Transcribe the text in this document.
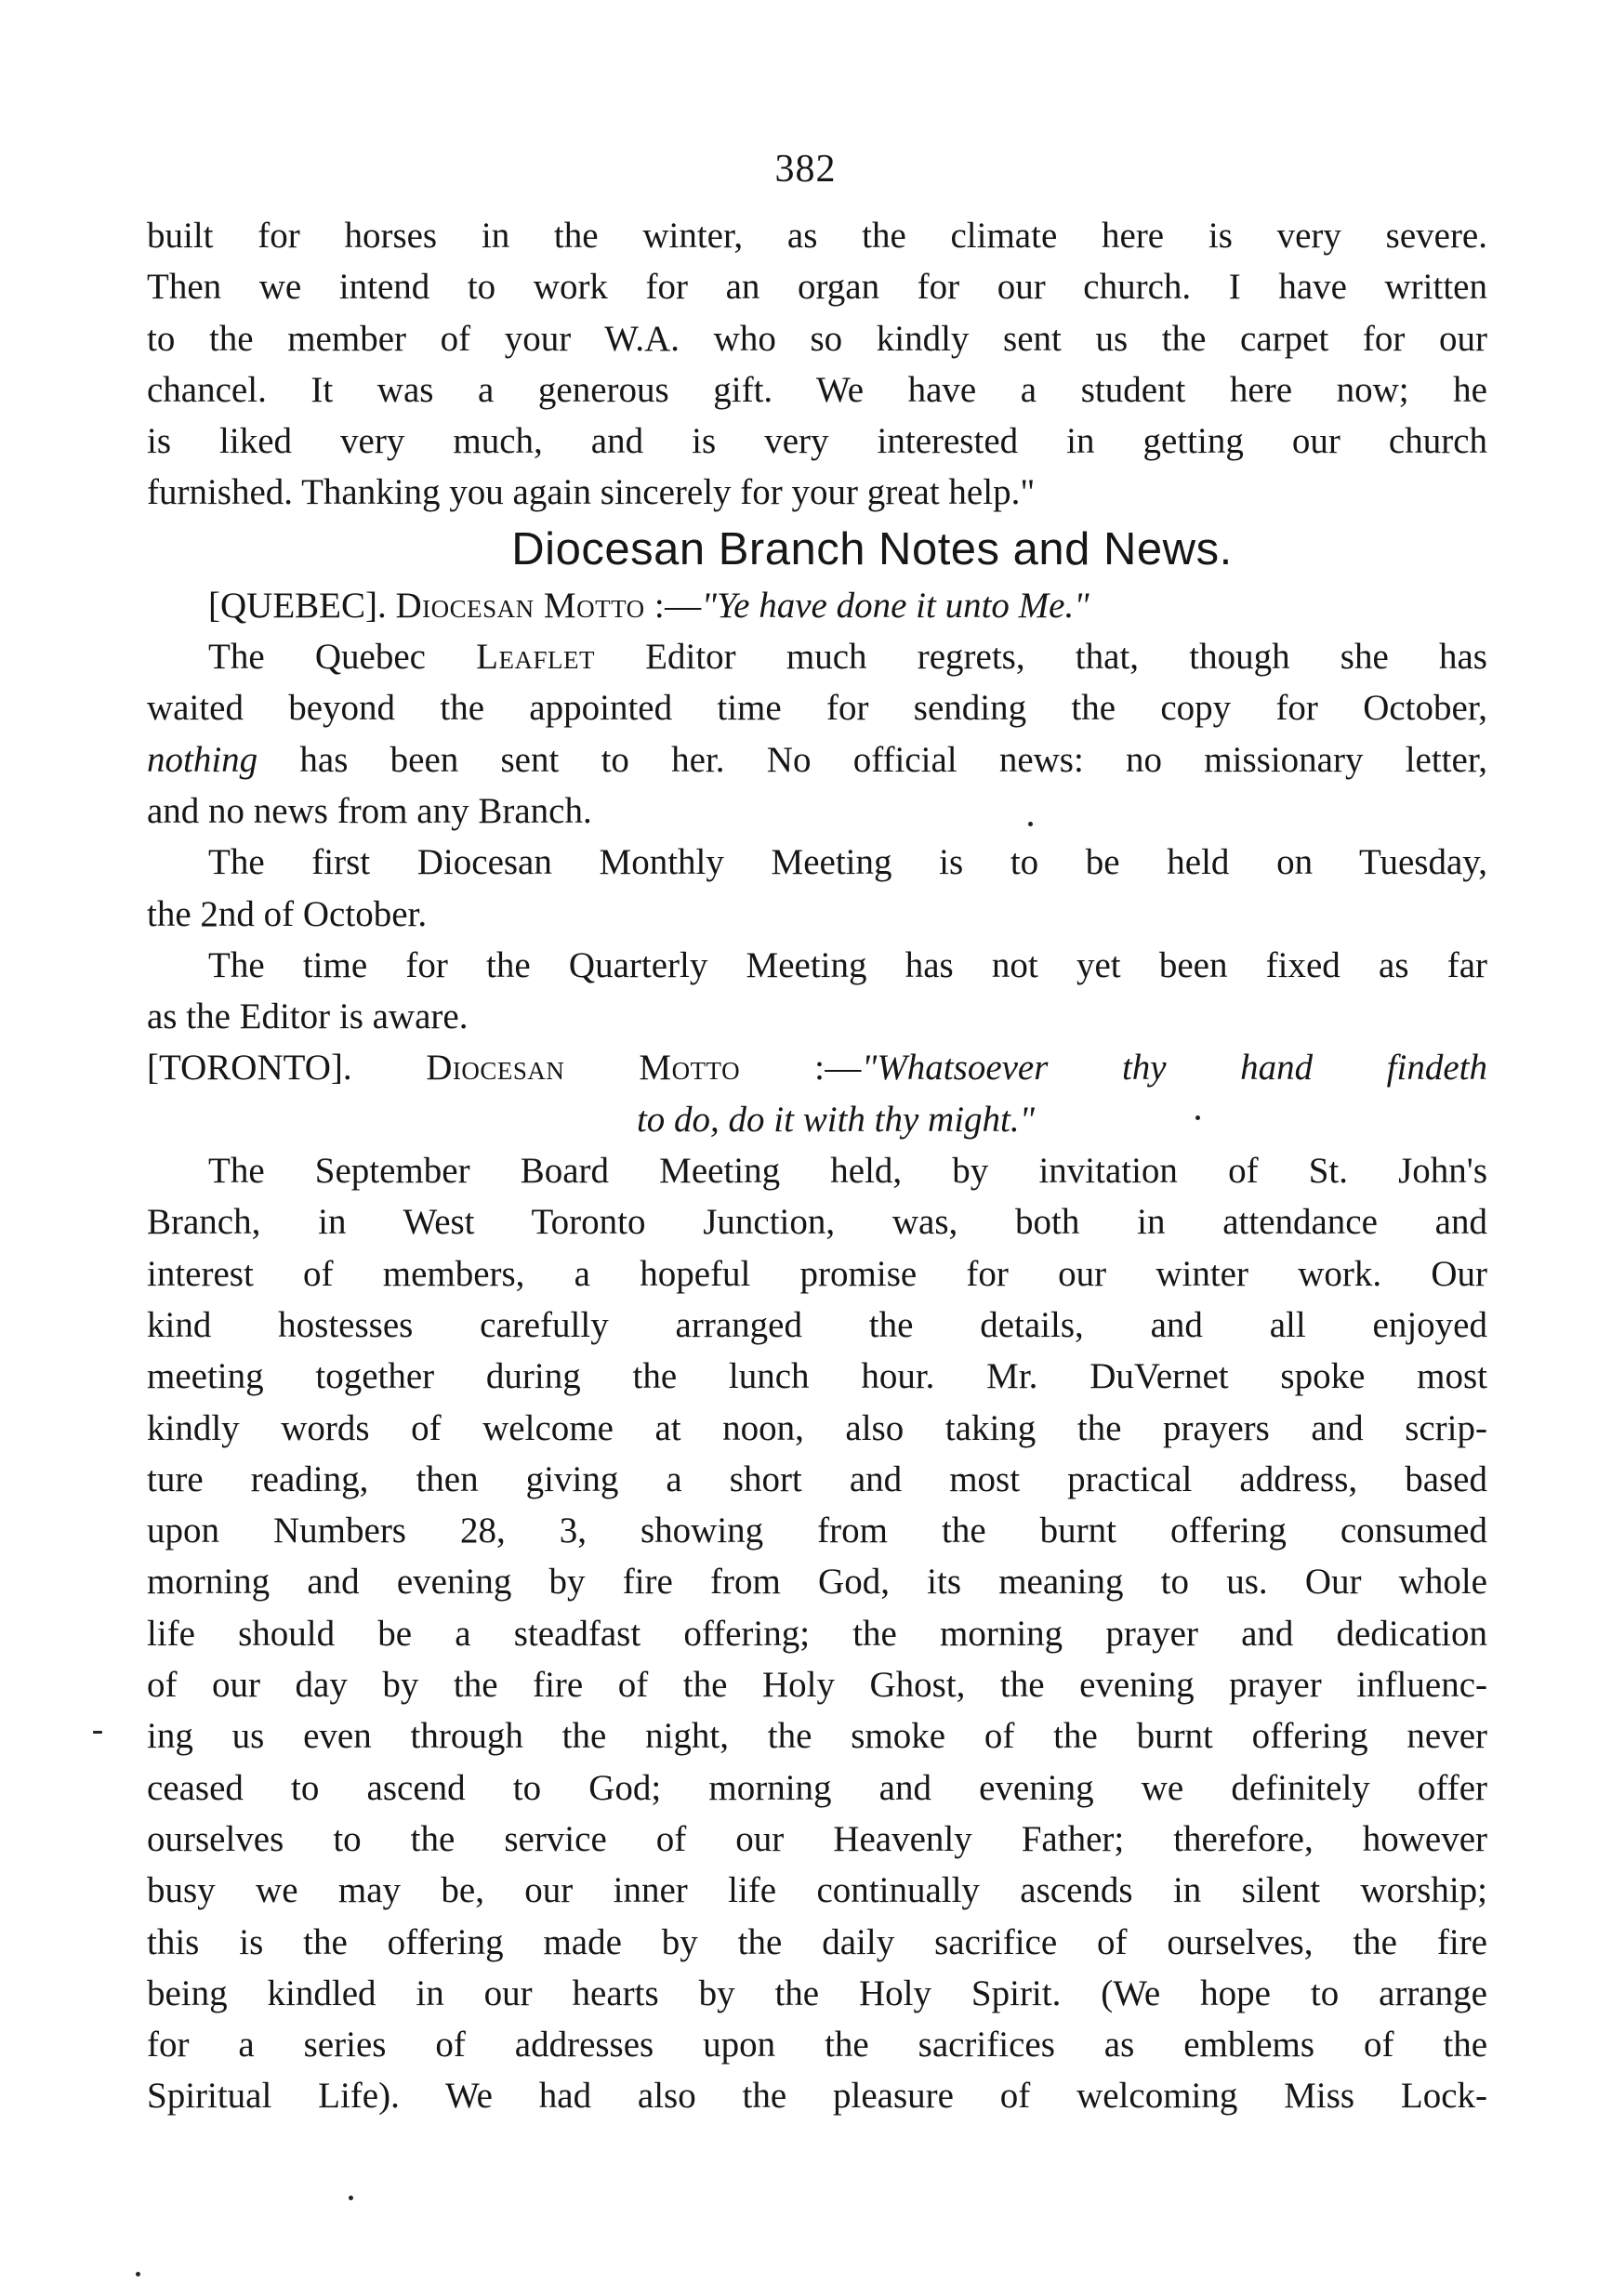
382
built for horses in the winter, as the climate here is very severe.
Then we intend to work for an organ for our church. I have written
to the member of your W.A. who so kindly sent us the carpet for our
chancel. It was a generous gift. We have a student here now; he
is liked very much, and is very interested in getting our church
furnished. Thanking you again sincerely for your great help."
Diocesan Branch Notes and News.
[QUEBEC]. Diocesan Motto :—"Ye have done it unto Me."
The Quebec Leaflet Editor much regrets, that, though she has
waited beyond the appointed time for sending the copy for October,
nothing has been sent to her. No official news: no missionary letter,
and no news from any Branch.
The first Diocesan Monthly Meeting is to be held on Tuesday,
the 2nd of October.
The time for the Quarterly Meeting has not yet been fixed as far
as the Editor is aware.
[TORONTO]. Diocesan Motto :—"Whatsoever thy hand findeth
to do, do it with thy might."
The September Board Meeting held, by invitation of St. John's
Branch, in West Toronto Junction, was, both in attendance and
interest of members, a hopeful promise for our winter work. Our
kind hostesses carefully arranged the details, and all enjoyed
meeting together during the lunch hour. Mr. DuVernet spoke most
kindly words of welcome at noon, also taking the prayers and scrip-
ture reading, then giving a short and most practical address, based
upon Numbers 28, 3, showing from the burnt offering consumed
morning and evening by fire from God, its meaning to us. Our whole
life should be a steadfast offering; the morning prayer and dedication
of our day by the fire of the Holy Ghost, the evening prayer influenc-
ing us even through the night, the smoke of the burnt offering never
ceased to ascend to God; morning and evening we definitely offer
ourselves to the service of our Heavenly Father; therefore, however
busy we may be, our inner life continually ascends in silent worship;
this is the offering made by the daily sacrifice of ourselves, the fire
being kindled in our hearts by the Holy Spirit. (We hope to arrange
for a series of addresses upon the sacrifices as emblems of the
Spiritual Life). We had also the pleasure of welcoming Miss Lock-
